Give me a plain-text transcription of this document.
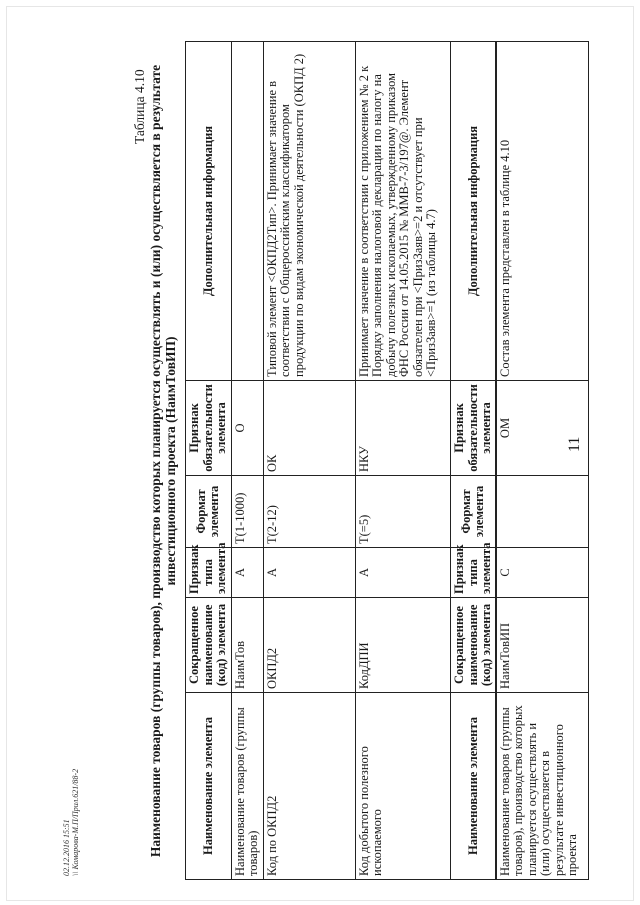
11
Наименование элемента	Сокращенное наименование (код) элемента	Признак типа элемента	Формат элемента	Признак обязательности элемента	Дополнительная информация
Наименование товаров (группы товаров), производство которых планируется осуществлять и (или) осуществляется в результате инвестиционного проекта	НаимТовИП	С		ОМ	Состав элемента представлен в таблице 4.10
Таблица 4.10 Наименование товаров (группы товаров), производство которых планируется осуществлять и (или) осуществляется в результате инвестиционного проекта (НаимТовИП)
Наименование элемента	Сокращенное наименование (код) элемента	Признак типа элемента	Формат элемента	Признак обязательности элемента	Дополнительная информация
Наименование товаров (группы товаров)	НаимТов	А	T(1-1000)	О	
Код по ОКПД2	ОКПД2	А	T(2-12)	ОК	Типовой элемент <ОКПД2Тип>. Принимает значение в соответствии с Общероссийским классификатором продукции по видам экономической деятельности (ОКПД 2)
Код добытого полезного ископаемого	КодДПИ	А	T(=5)	НКУ	Принимает значение в соответствии с приложением № 2 к Порядку заполнения налоговой декларации по налогу на добычу полезных ископаемых, утвержденному приказом ФНС России от 14.05.2015 № ММВ-7-3/197@. Элемент обязателен при <ПризЗаяв>=2 и отсутствует при <ПризЗаяв>=1 (из таблицы 4.7)
02.12.2016 15:51 \\ Комарова-М.П/Прил.621/88-2
